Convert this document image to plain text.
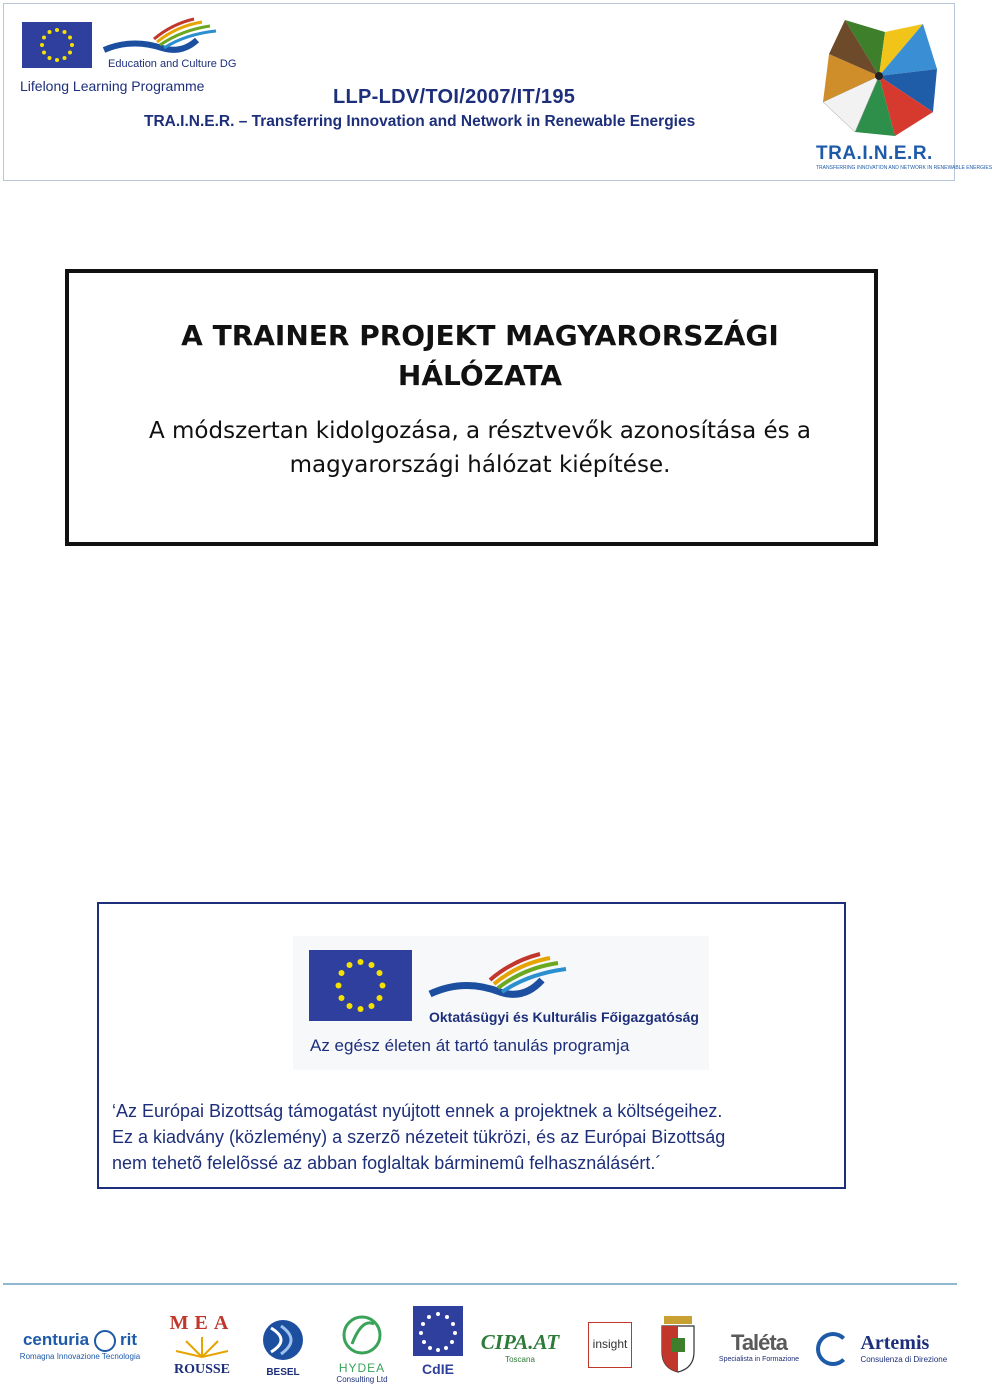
Education and Culture DG
Lifelong Learning Programme	LLP-LDV/TOI/2007/IT/195
TRA.I.N.E.R. – Transferring Innovation and Network in Renewable Energies
TRA.I.N.E.R.
TRANSFERRING INNOVATION AND NETWORK IN RENEWABLE ENERGIES
A TRAINER PROJEKT MAGYARORSZÁGI
HÁLÓZATA
A módszertan kidolgozása, a résztvevők azonosítása és a
magyarországi hálózat kiépítése.
Oktatásügyi és Kulturális Főigazgatóság
Az egész életen át tartó tanulás programja
‘Az Európai Bizottság támogatást nyújtott ennek a projektnek a költségeihez.
Ez a kiadvány (közlemény) a szerzõ nézeteit tükrözi, és az Európai Bizottság
nem tehetõ felelõssé az abban foglaltak bárminemû felhasználásért.´
centuria rit
Romagna Innovazione Tecnologia
MEA
ROUSSE	BESEL	HYDEA
Consulting Ltd
CdIE
CIPA.AT
Toscana
insight	Taléta
Specialista in Formazione

Artemis
Consulenza di Direzione
